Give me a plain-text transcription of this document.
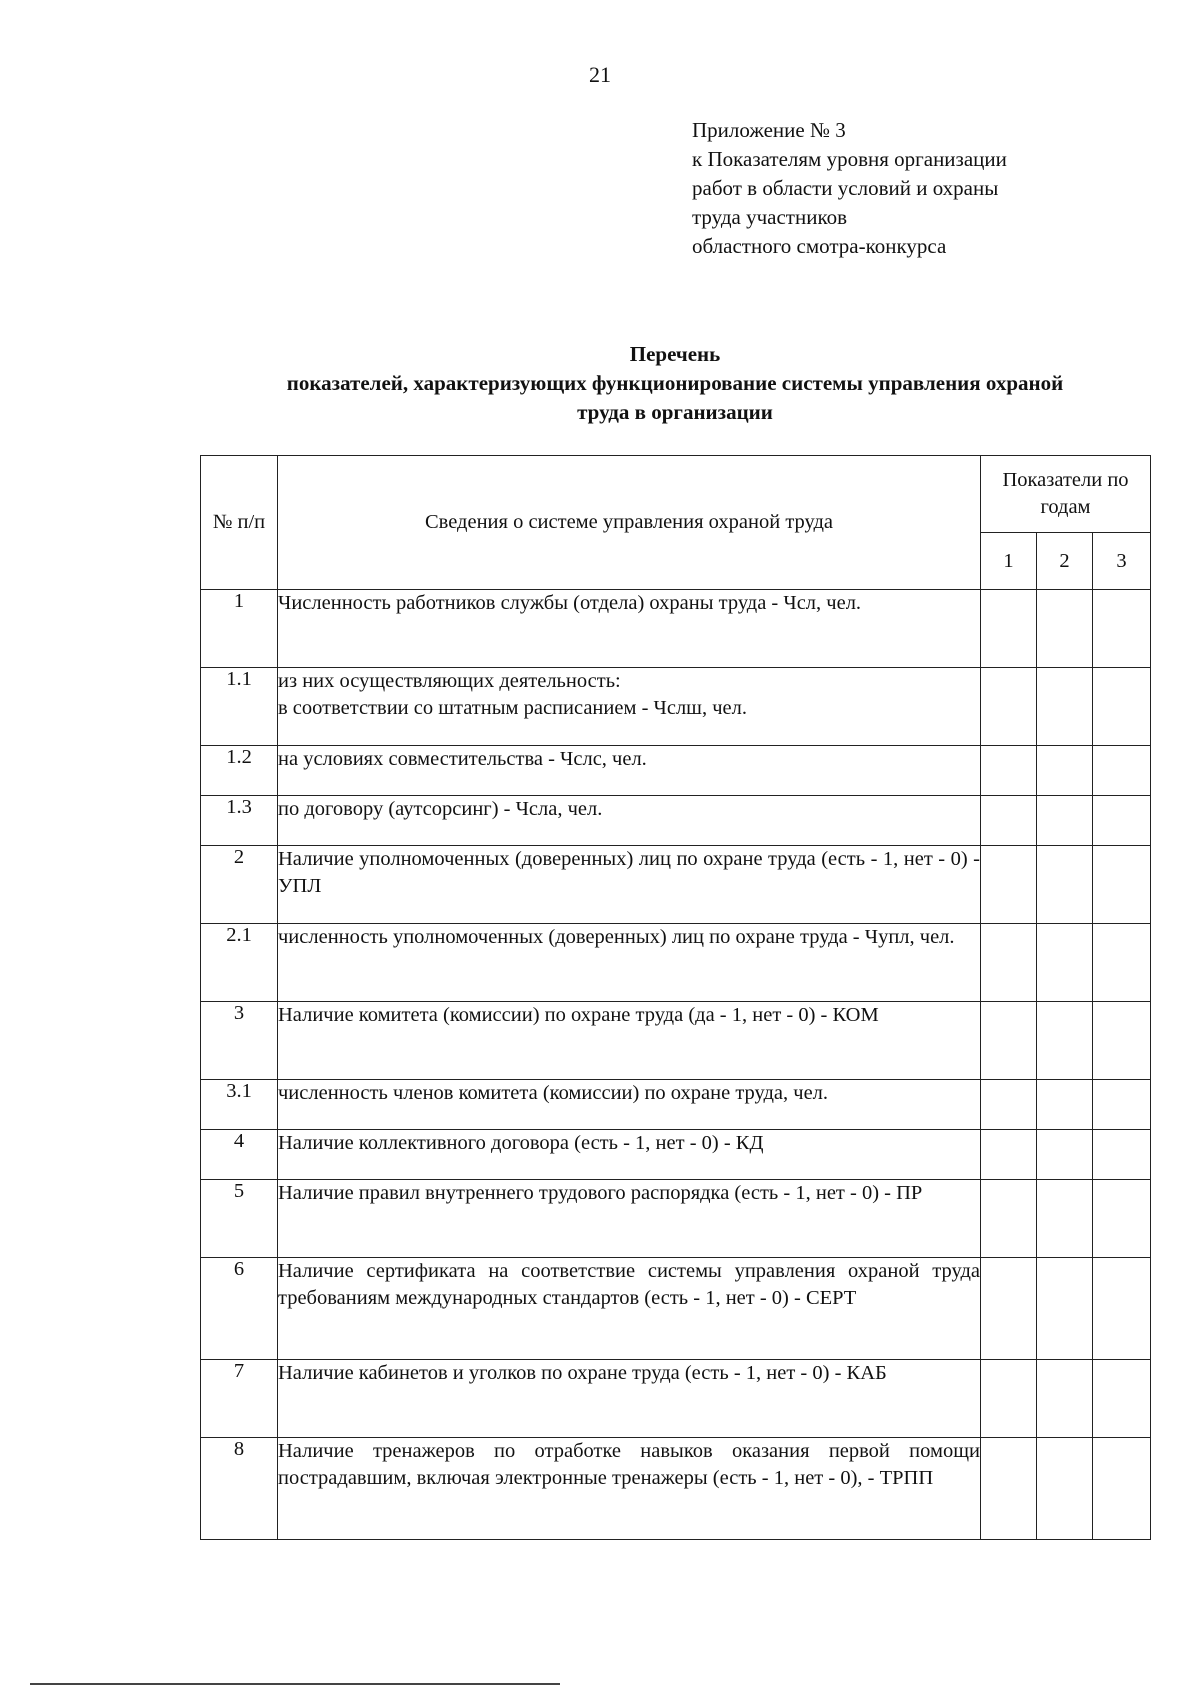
21
Приложение № 3
к Показателям уровня организации
работ в области условий и охраны
труда участников
областного смотра-конкурса
Перечень
показателей, характеризующих функционирование системы управления охраной
труда в организации
№ п/п	Сведения о системе управления охраной труда	Показатели по годам		
		1	2	3
1	Численность работников службы (отдела) охраны труда - Чсл, чел.			
1.1	из них осуществляющих деятельность:
в соответствии со штатным расписанием - Чслш, чел.			
1.2	на условиях совместительства - Чслс, чел.			
1.3	по договору (аутсорсинг) - Чсла, чел.			
2	Наличие уполномоченных (доверенных) лиц по охране труда (есть - 1, нет - 0) - УПЛ			
2.1	численность уполномоченных (доверенных) лиц по охране труда - Чупл, чел.			
3	Наличие комитета (комиссии) по охране труда (да - 1, нет - 0) - КОМ			
3.1	численность членов комитета (комиссии) по охране труда, чел.			
4	Наличие коллективного договора (есть - 1, нет - 0) - КД			
5	Наличие правил внутреннего трудового распорядка (есть - 1, нет - 0) - ПР			
6	Наличие сертификата на соответствие системы управления охраной труда требованиям международных стандартов (есть - 1, нет - 0) - СЕРТ			
7	Наличие кабинетов и уголков по охране труда (есть - 1, нет - 0) - КАБ			
8	Наличие тренажеров по отработке навыков оказания первой помощи пострадавшим, включая электронные тренажеры (есть - 1, нет - 0), - ТРПП			
